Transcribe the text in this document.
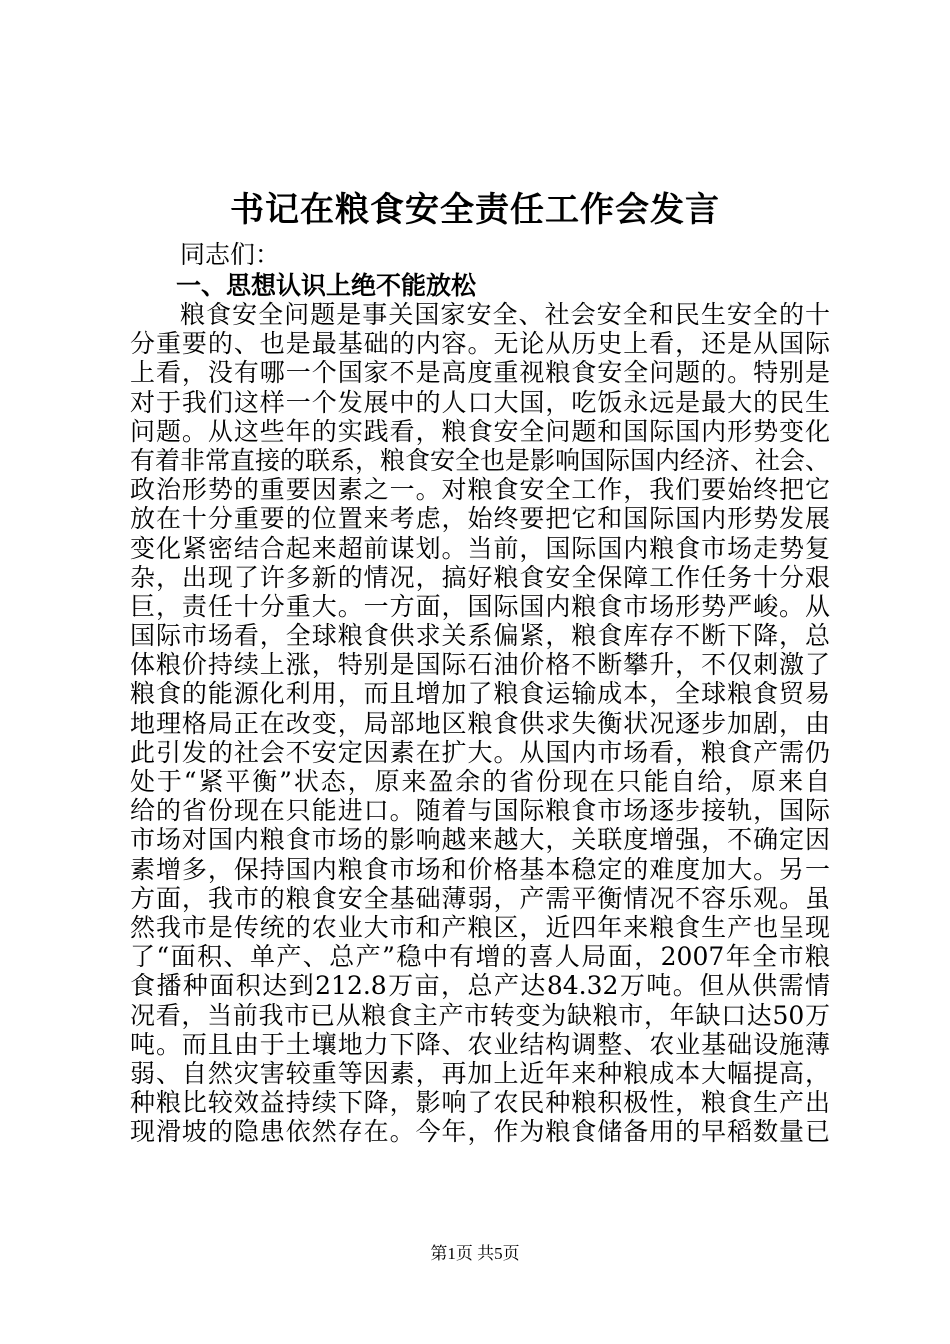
书记在粮食安全责任工作会发言

同志们：

一、思想认识上绝不能放松
粮食安全问题是事关国家安全、社会安全和民生安全的十
分重要的、也是最基础的内容。无论从历史上看，还是从国际
上看，没有哪一个国家不是高度重视粮食安全问题的。特别是
对于我们这样一个发展中的人口大国，吃饭永远是最大的民生
问题。从这些年的实践看，粮食安全问题和国际国内形势变化
有着非常直接的联系，粮食安全也是影响国际国内经济、社会、
政治形势的重要因素之一。对粮食安全工作，我们要始终把它
放在十分重要的位置来考虑，始终要把它和国际国内形势发展
变化紧密结合起来超前谋划。当前，国际国内粮食市场走势复
杂，出现了许多新的情况，搞好粮食安全保障工作任务十分艰
巨，责任十分重大。一方面，国际国内粮食市场形势严峻。从
国际市场看，全球粮食供求关系偏紧，粮食库存不断下降，总
体粮价持续上涨，特别是国际石油价格不断攀升，不仅刺激了
粮食的能源化利用，而且增加了粮食运输成本，全球粮食贸易
地理格局正在改变，局部地区粮食供求失衡状况逐步加剧，由
此引发的社会不安定因素在扩大。从国内市场看，粮食产需仍
处于“紧平衡”状态，原来盈余的省份现在只能自给，原来自
给的省份现在只能进口。随着与国际粮食市场逐步接轨，国际
市场对国内粮食市场的影响越来越大，关联度增强，不确定因
素增多，保持国内粮食市场和价格基本稳定的难度加大。另一
方面，我市的粮食安全基础薄弱，产需平衡情况不容乐观。虽
然我市是传统的农业大市和产粮区，近四年来粮食生产也呈现
了“面积、单产、总产”稳中有增的喜人局面，2007年全市粮
食播种面积达到212.8万亩，总产达84.32万吨。但从供需情
况看，当前我市已从粮食主产市转变为缺粮市，年缺口达50万
吨。而且由于土壤地力下降、农业结构调整、农业基础设施薄
弱、自然灾害较重等因素，再加上近年来种粮成本大幅提高，
种粮比较效益持续下降，影响了农民种粮积极性，粮食生产出
现滑坡的隐患依然存在。今年，作为粮食储备用的早稻数量已

第1页 共5页
